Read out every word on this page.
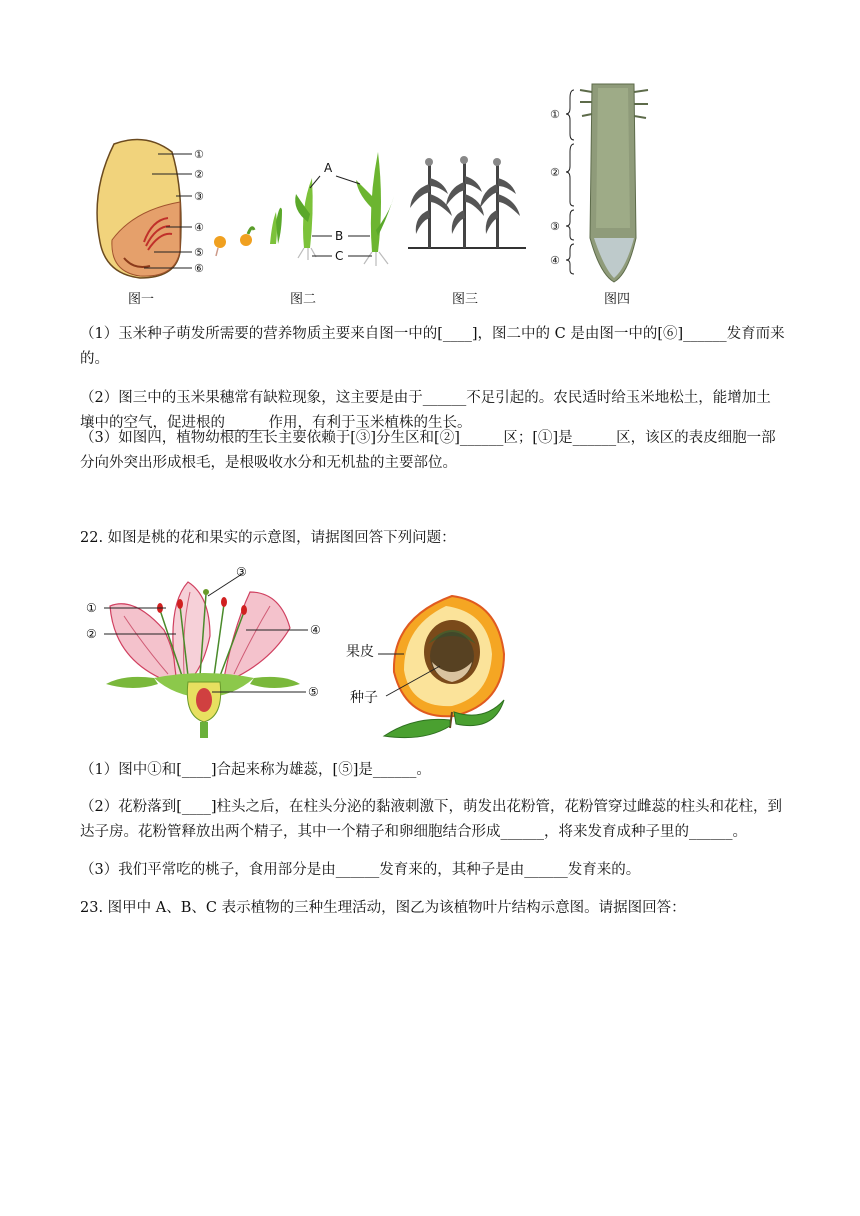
①
②
③
④
⑤
⑥
图一
A
B
C
图二	图三
①
②
③
④
图四

（1）玉米种子萌发所需要的营养物质主要来自图一中的[____]，图二中的 C 是由图一中的[⑥]______发育而来的。

（2）图三中的玉米果穗常有缺粒现象，这主要是由于______不足引起的。农民适时给玉米地松土，能增加土壤中的空气，促进根的______作用，有利于玉米植株的生长。

（3）如图四，植物幼根的生长主要依赖于[③]分生区和[②]______区；[①]是______区，该区的表皮细胞一部分向外突出形成根毛，是根吸收水分和无机盐的主要部位。

22. 如图是桃的花和果实的示意图，请据图回答下列问题：

①
②
③
④
⑤
果皮
种子

（1）图中①和[____]合起来称为雄蕊，[⑤]是______。

（2）花粉落到[____]柱头之后，在柱头分泌的黏液刺激下，萌发出花粉管，花粉管穿过雌蕊的柱头和花柱，到达子房。花粉管释放出两个精子，其中一个精子和卵细胞结合形成______，将来发育成种子里的______。

（3）我们平常吃的桃子，食用部分是由______发育来的，其种子是由______发育来的。

23. 图甲中 A、B、C 表示植物的三种生理活动，图乙为该植物叶片结构示意图。请据图回答：
